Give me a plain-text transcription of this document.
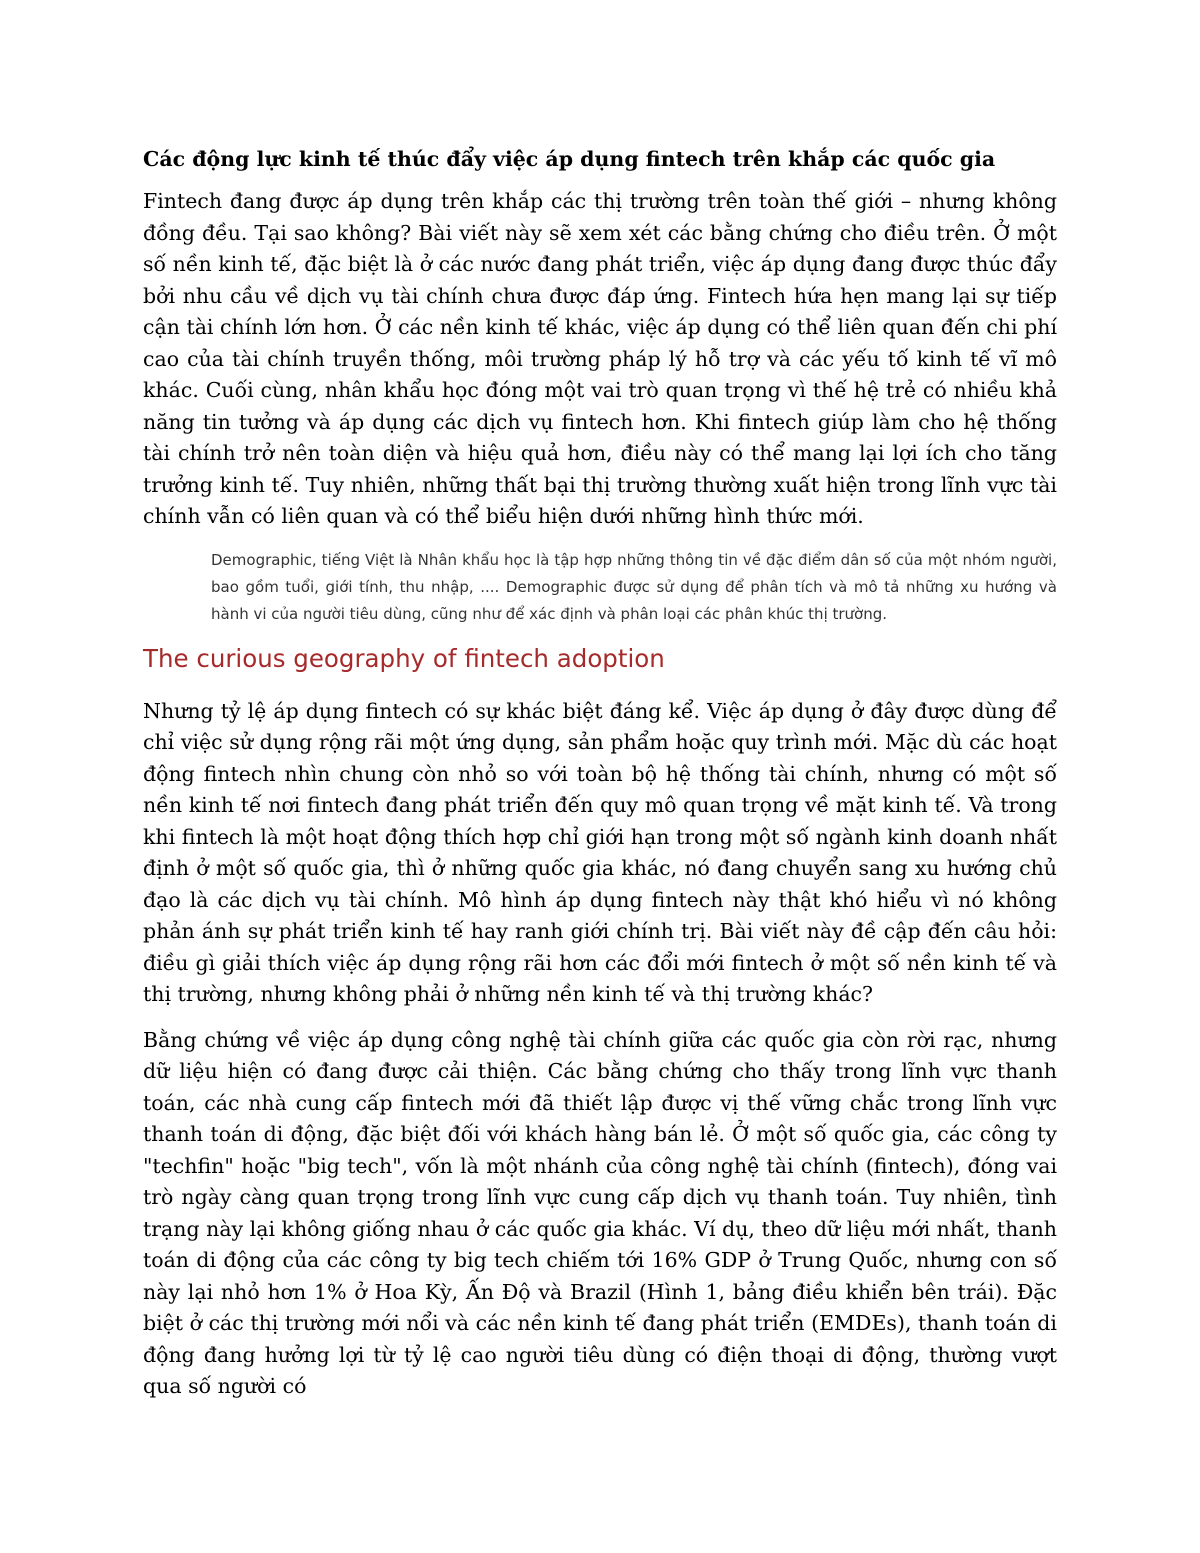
Các động lực kinh tế thúc đẩy việc áp dụng fintech trên khắp các quốc gia

Fintech đang được áp dụng trên khắp các thị trường trên toàn thế giới – nhưng không đồng đều. Tại sao không? Bài viết này sẽ xem xét các bằng chứng cho điều trên. Ở một số nền kinh tế, đặc biệt là ở các nước đang phát triển, việc áp dụng đang được thúc đẩy bởi nhu cầu về dịch vụ tài chính chưa được đáp ứng. Fintech hứa hẹn mang lại sự tiếp cận tài chính lớn hơn. Ở các nền kinh tế khác, việc áp dụng có thể liên quan đến chi phí cao của tài chính truyền thống, môi trường pháp lý hỗ trợ và các yếu tố kinh tế vĩ mô khác. Cuối cùng, nhân khẩu học đóng một vai trò quan trọng vì thế hệ trẻ có nhiều khả năng tin tưởng và áp dụng các dịch vụ fintech hơn. Khi fintech giúp làm cho hệ thống tài chính trở nên toàn diện và hiệu quả hơn, điều này có thể mang lại lợi ích cho tăng trưởng kinh tế. Tuy nhiên, những thất bại thị trường thường xuất hiện trong lĩnh vực tài chính vẫn có liên quan và có thể biểu hiện dưới những hình thức mới.

Demographic, tiếng Việt là Nhân khẩu học là tập hợp những thông tin về đặc điểm dân số của một nhóm người, bao gồm tuổi, giới tính, thu nhập, .... Demographic được sử dụng để phân tích và mô tả những xu hướng và hành vi của người tiêu dùng, cũng như để xác định và phân loại các phân khúc thị trường.

The curious geography of fintech adoption

Nhưng tỷ lệ áp dụng fintech có sự khác biệt đáng kể. Việc áp dụng ở đây được dùng để chỉ việc sử dụng rộng rãi một ứng dụng, sản phẩm hoặc quy trình mới. Mặc dù các hoạt động fintech nhìn chung còn nhỏ so với toàn bộ hệ thống tài chính, nhưng có một số nền kinh tế nơi fintech đang phát triển đến quy mô quan trọng về mặt kinh tế. Và trong khi fintech là một hoạt động thích hợp chỉ giới hạn trong một số ngành kinh doanh nhất định ở một số quốc gia, thì ở những quốc gia khác, nó đang chuyển sang xu hướng chủ đạo là các dịch vụ tài chính. Mô hình áp dụng fintech này thật khó hiểu vì nó không phản ánh sự phát triển kinh tế hay ranh giới chính trị. Bài viết này đề cập đến câu hỏi: điều gì giải thích việc áp dụng rộng rãi hơn các đổi mới fintech ở một số nền kinh tế và thị trường, nhưng không phải ở những nền kinh tế và thị trường khác?

Bằng chứng về việc áp dụng công nghệ tài chính giữa các quốc gia còn rời rạc, nhưng dữ liệu hiện có đang được cải thiện. Các bằng chứng cho thấy trong lĩnh vực thanh toán, các nhà cung cấp fintech mới đã thiết lập được vị thế vững chắc trong lĩnh vực thanh toán di động, đặc biệt đối với khách hàng bán lẻ. Ở một số quốc gia, các công ty "techfin" hoặc "big tech", vốn là một nhánh của công nghệ tài chính (fintech), đóng vai trò ngày càng quan trọng trong lĩnh vực cung cấp dịch vụ thanh toán. Tuy nhiên, tình trạng này lại không giống nhau ở các quốc gia khác. Ví dụ, theo dữ liệu mới nhất, thanh toán di động của các công ty big tech chiếm tới 16% GDP ở Trung Quốc, nhưng con số này lại nhỏ hơn 1% ở Hoa Kỳ, Ấn Độ và Brazil (Hình 1, bảng điều khiển bên trái). Đặc biệt ở các thị trường mới nổi và các nền kinh tế đang phát triển (EMDEs), thanh toán di động đang hưởng lợi từ tỷ lệ cao người tiêu dùng có điện thoại di động, thường vượt qua số người có
